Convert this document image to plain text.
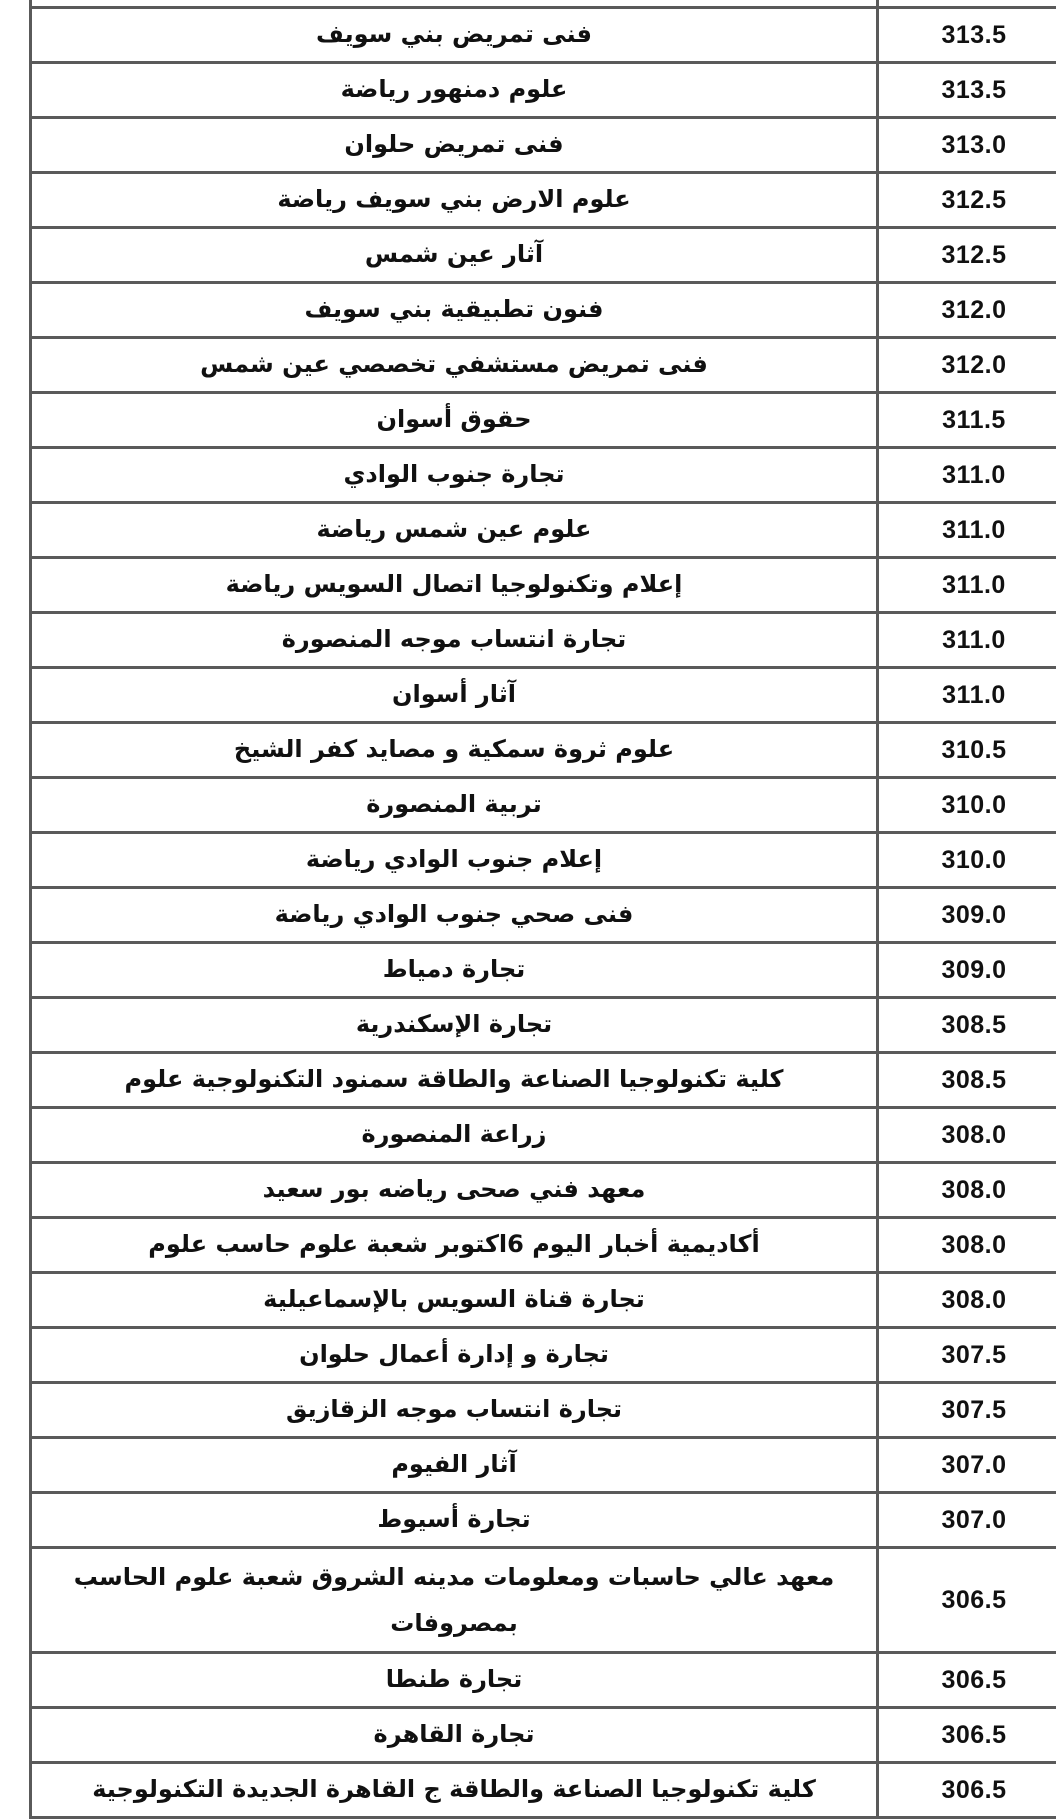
فنى تمريض بني سويف	313.5
علوم دمنهور رياضة	313.5
فنى تمريض حلوان	313.0
علوم الارض بني سويف رياضة	312.5
آثار عين شمس	312.5
فنون تطبيقية بني سويف	312.0
فنى تمريض مستشفي تخصصي عين شمس	312.0
حقوق أسوان	311.5
تجارة جنوب الوادي	311.0
علوم عين شمس رياضة	311.0
إعلام وتكنولوجيا اتصال السويس رياضة	311.0
تجارة انتساب موجه المنصورة	311.0
آثار أسوان	311.0
علوم ثروة سمكية و مصايد كفر الشيخ	310.5
تربية المنصورة	310.0
إعلام جنوب الوادي رياضة	310.0
فنى صحي جنوب الوادي رياضة	309.0
تجارة دمياط	309.0
تجارة الإسكندرية	308.5
كلية تكنولوجيا الصناعة والطاقة سمنود التكنولوجية علوم	308.5
زراعة المنصورة	308.0
معهد فني صحى رياضه بور سعيد	308.0
أكاديمية أخبار اليوم 6اكتوبر شعبة علوم حاسب علوم	308.0
تجارة قناة السويس بالإسماعيلية	308.0
تجارة و إدارة أعمال حلوان	307.5
تجارة انتساب موجه الزقازيق	307.5
آثار الفيوم	307.0
تجارة أسيوط	307.0
معهد عالي حاسبات ومعلومات مدينه الشروق شعبة علوم الحاسب بمصروفات	306.5
تجارة طنطا	306.5
تجارة القاهرة	306.5
كلية تكنولوجيا الصناعة والطاقة ج القاهرة الجديدة التكنولوجية	306.5
